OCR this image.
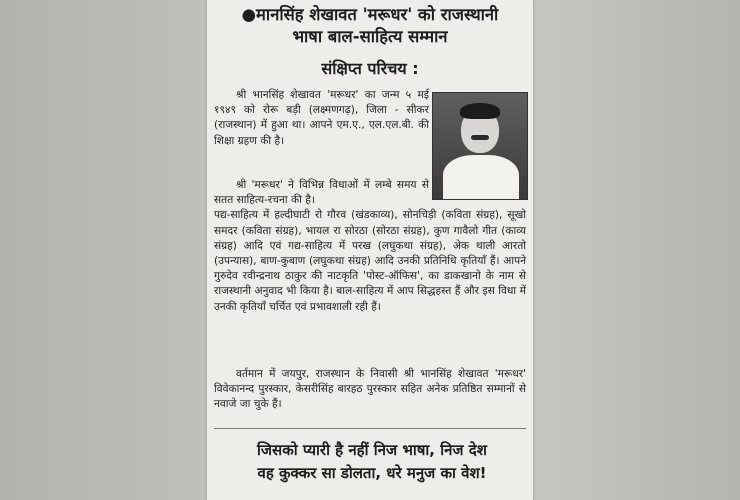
●मानसिंह शेखावत 'मरूधर' को राजस्थानी
भाषा बाल-साहित्य सम्मान
संक्षिप्त परिचय :
श्री भानसिंह शेखावत 'मरूधर' का जन्म ५ मई १९४९ को रोरू बड़ी (लक्ष्मणगढ़), जिला - सीकर (राजस्थान) में हुआ था। आपने एम.ए., एल.एल.बी. की शिक्षा ग्रहण की है।
श्री 'मरूधर' ने विभिन्न विधाओं में लम्बे समय से सतत साहित्य-रचना की है।
पद्य-साहित्य में हल्दीघाटी रो गौरव (खंडकाव्य), सोनचिड़ी (कविता संग्रह), सूखो समदर (कविता संग्रह), भायल रा सोरठा (सोरठा संग्रह), कुण गावैलो गीत (काव्य संग्रह) आदि एवं गद्य-साहित्य में परख (लघुकथा संग्रह), अेक थाली आरतो (उपन्यास), बाण-कुबाण (लघुकथा संग्रह) आदि उनकी प्रतिनिधि कृतियाँ हैं। आपने गुरुदेव रवीन्द्रनाथ ठाकुर की नाटकृति 'पोस्ट-ऑफिस', का डाकखानो के नाम से राजस्थानी अनुवाद भी किया है। बाल-साहित्य में आप सिद्धहस्त हैं और इस विधा में उनकी कृतियाँ चर्चित एवं प्रभावशाली रही हैं।
वर्तमान में जयपुर, राजस्थान के निवासी श्री भानसिंह शेखावत 'मरूधर' विवेकानन्द पुरस्कार, केसरीसिंह बारहठ पुरस्कार सहित अनेक प्रतिष्ठित सम्मानों से नवाजे जा चुके हैं।
जिसको प्यारी है नहीं निज भाषा, निज देश
वह कुक्कर सा डोलता, धरे मनुज का वेश!
